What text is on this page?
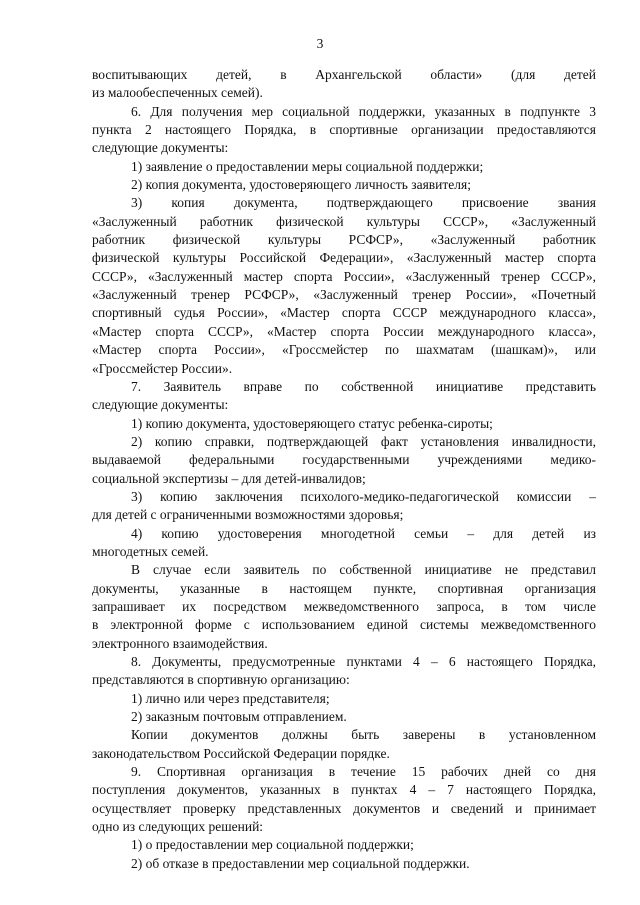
3
воспитывающих детей, в Архангельской области» (для детей
из малообеспеченных семей).
6. Для получения мер социальной поддержки, указанных в подпункте 3
пункта 2 настоящего Порядка, в спортивные организации предоставляются
следующие документы:
1) заявление о предоставлении меры социальной поддержки;
2) копия документа, удостоверяющего личность заявителя;
3) копия документа, подтверждающего присвоение звания
«Заслуженный работник физической культуры СССР», «Заслуженный
работник физической культуры РСФСР», «Заслуженный работник
физической культуры Российской Федерации», «Заслуженный мастер спорта
СССР», «Заслуженный мастер спорта России», «Заслуженный тренер СССР»,
«Заслуженный тренер РСФСР», «Заслуженный тренер России», «Почетный
спортивный судья России», «Мастер спорта СССР международного класса»,
«Мастер спорта СССР», «Мастер спорта России международного класса»,
«Мастер спорта России», «Гроссмейстер по шахматам (шашкам)», или
«Гроссмейстер России».
7. Заявитель вправе по собственной инициативе представить
следующие документы:
1) копию документа, удостоверяющего статус ребенка-сироты;
2) копию справки, подтверждающей факт установления инвалидности,
выдаваемой федеральными государственными учреждениями медико-
социальной экспертизы – для детей-инвалидов;
3) копию заключения психолого-медико-педагогической комиссии –
для детей с ограниченными возможностями здоровья;
4) копию удостоверения многодетной семьи – для детей из
многодетных семей.
В случае если заявитель по собственной инициативе не представил
документы, указанные в настоящем пункте, спортивная организация
запрашивает их посредством межведомственного запроса, в том числе
в электронной форме с использованием единой системы межведомственного
электронного взаимодействия.
8. Документы, предусмотренные пунктами 4 – 6 настоящего Порядка,
представляются в спортивную организацию:
1) лично или через представителя;
2) заказным почтовым отправлением.
Копии документов должны быть заверены в установленном
законодательством Российской Федерации порядке.
9. Спортивная организация в течение 15 рабочих дней со дня
поступления документов, указанных в пунктах 4 – 7 настоящего Порядка,
осуществляет проверку представленных документов и сведений и принимает
одно из следующих решений:
1) о предоставлении мер социальной поддержки;
2) об отказе в предоставлении мер социальной поддержки.
